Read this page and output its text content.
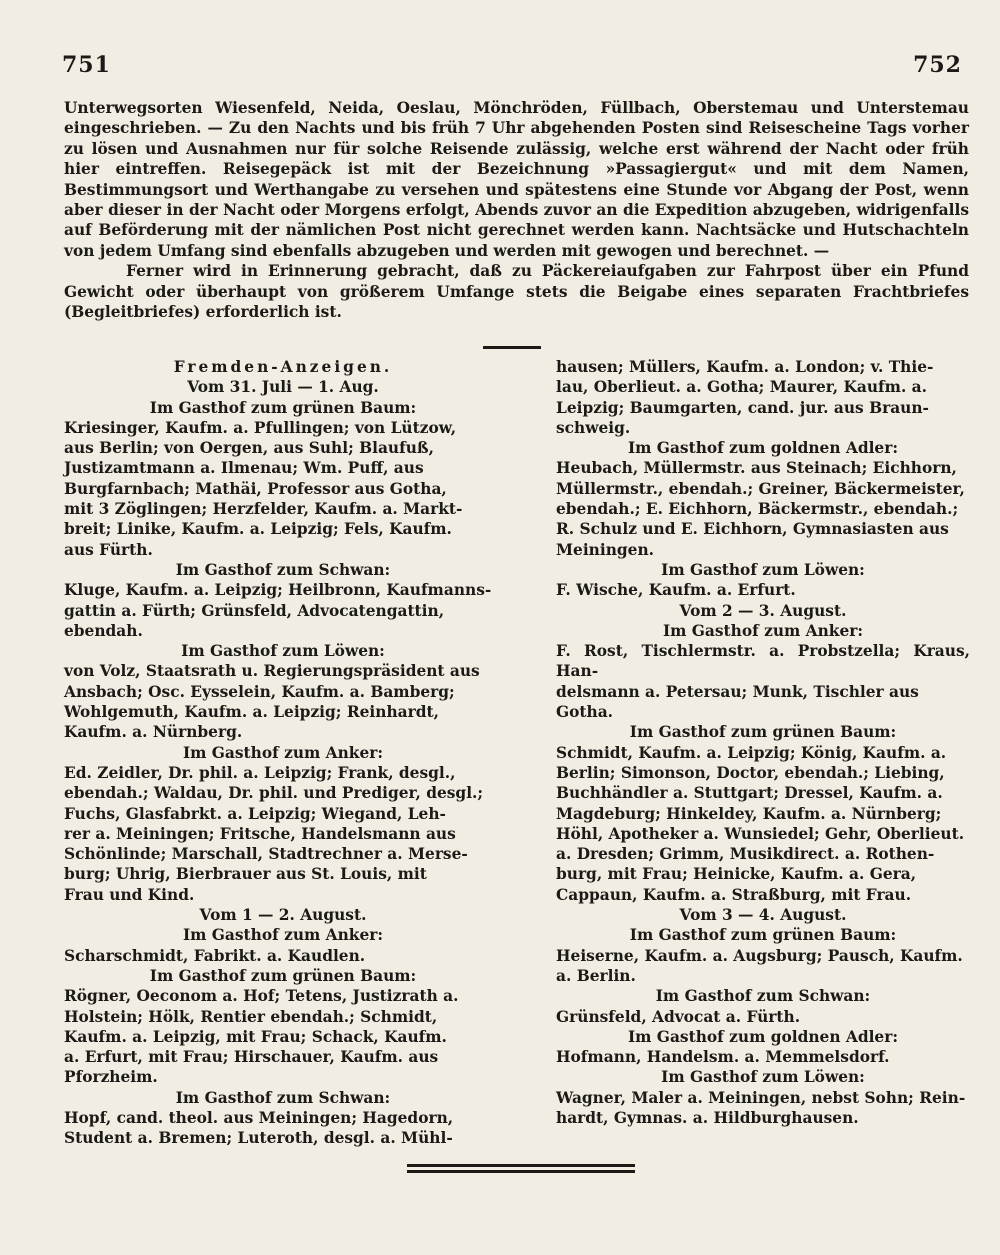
751	752

Unterwegsorten Wiesenfeld, Neida, Oeslau, Mönchröden, Füllbach, Oberstemau und Unterstemau eingeschrieben. — Zu den Nachts und bis früh 7 Uhr abgehenden Posten sind Reisescheine Tags vorher zu lösen und Ausnahmen nur für solche Reisende zulässig, welche erst während der Nacht oder früh hier eintreffen. Reisegepäck ist mit der Bezeichnung »Passagiergut« und mit dem Namen, Bestimmungsort und Werthangabe zu versehen und spätestens eine Stunde vor Abgang der Post, wenn aber dieser in der Nacht oder Morgens erfolgt, Abends zuvor an die Expedition abzugeben, widrigenfalls auf Beförderung mit der nämlichen Post nicht gerechnet werden kann. Nachtsäcke und Hutschachteln von jedem Umfang sind ebenfalls abzugeben und werden mit gewogen und berechnet. —

Ferner wird in Erinnerung gebracht, daß zu Päckereiaufgaben zur Fahrpost über ein Pfund Gewicht oder überhaupt von größerem Umfange stets die Beigabe eines separaten Frachtbriefes (Begleitbriefes) erforderlich ist.

Fremden-Anzeigen.

Vom 31. Juli — 1. Aug.

Im Gasthof zum grünen Baum:

Kriesinger, Kaufm. a. Pfullingen; von Lützow,
aus Berlin; von Oergen, aus Suhl; Blaufuß,
Justizamtmann a. Ilmenau; Wm. Puff, aus
Burgfarnbach; Mathäi, Professor aus Gotha,
mit 3 Zöglingen; Herzfelder, Kaufm. a. Markt-
breit; Linike, Kaufm. a. Leipzig; Fels, Kaufm.
aus Fürth.

Im Gasthof zum Schwan:

Kluge, Kaufm. a. Leipzig; Heilbronn, Kaufmanns-
gattin a. Fürth; Grünsfeld, Advocatengattin,
ebendah.

Im Gasthof zum Löwen:

von Volz, Staatsrath u. Regierungspräsident aus
Ansbach; Osc. Eysselein, Kaufm. a. Bamberg;
Wohlgemuth, Kaufm. a. Leipzig; Reinhardt,
Kaufm. a. Nürnberg.

Im Gasthof zum Anker:

Ed. Zeidler, Dr. phil. a. Leipzig; Frank, desgl.,
ebendah.; Waldau, Dr. phil. und Prediger, desgl.;
Fuchs, Glasfabrkt. a. Leipzig; Wiegand, Leh-
rer a. Meiningen; Fritsche, Handelsmann aus
Schönlinde; Marschall, Stadtrechner a. Merse-
burg; Uhrig, Bierbrauer aus St. Louis, mit
Frau und Kind.

Vom 1 — 2. August.

Im Gasthof zum Anker:

Scharschmidt, Fabrikt. a. Kaudlen.

Im Gasthof zum grünen Baum:

Rögner, Oeconom a. Hof; Tetens, Justizrath a.
Holstein; Hölk, Rentier ebendah.; Schmidt,
Kaufm. a. Leipzig, mit Frau; Schack, Kaufm.
a. Erfurt, mit Frau; Hirschauer, Kaufm. aus
Pforzheim.

Im Gasthof zum Schwan:

Hopf, cand. theol. aus Meiningen; Hagedorn,
Student a. Bremen; Luteroth, desgl. a. Mühl-
hausen; Müllers, Kaufm. a. London; v. Thie-
lau, Oberlieut. a. Gotha; Maurer, Kaufm. a.
Leipzig; Baumgarten, cand. jur. aus Braun-
schweig.

Im Gasthof zum goldnen Adler:

Heubach, Müllermstr. aus Steinach; Eichhorn,
Müllermstr., ebendah.; Greiner, Bäckermeister,
ebendah.; E. Eichhorn, Bäckermstr., ebendah.;
R. Schulz und E. Eichhorn, Gymnasiasten aus
Meiningen.

Im Gasthof zum Löwen:

F. Wische, Kaufm. a. Erfurt.

Vom 2 — 3. August.

Im Gasthof zum Anker:

F. Rost, Tischlermstr. a. Probstzella; Kraus, Han-
delsmann a. Petersau; Munk, Tischler aus
Gotha.

Im Gasthof zum grünen Baum:

Schmidt, Kaufm. a. Leipzig; König, Kaufm. a.
Berlin; Simonson, Doctor, ebendah.; Liebing,
Buchhändler a. Stuttgart; Dressel, Kaufm. a.
Magdeburg; Hinkeldey, Kaufm. a. Nürnberg;
Höhl, Apotheker a. Wunsiedel; Gehr, Oberlieut.
a. Dresden; Grimm, Musikdirect. a. Rothen-
burg, mit Frau; Heinicke, Kaufm. a. Gera,
Cappaun, Kaufm. a. Straßburg, mit Frau.

Vom 3 — 4. August.

Im Gasthof zum grünen Baum:

Heiserne, Kaufm. a. Augsburg; Pausch, Kaufm.
a. Berlin.

Im Gasthof zum Schwan:

Grünsfeld, Advocat a. Fürth.

Im Gasthof zum goldnen Adler:

Hofmann, Handelsm. a. Memmelsdorf.

Im Gasthof zum Löwen:

Wagner, Maler a. Meiningen, nebst Sohn; Rein-
hardt, Gymnas. a. Hildburghausen.
